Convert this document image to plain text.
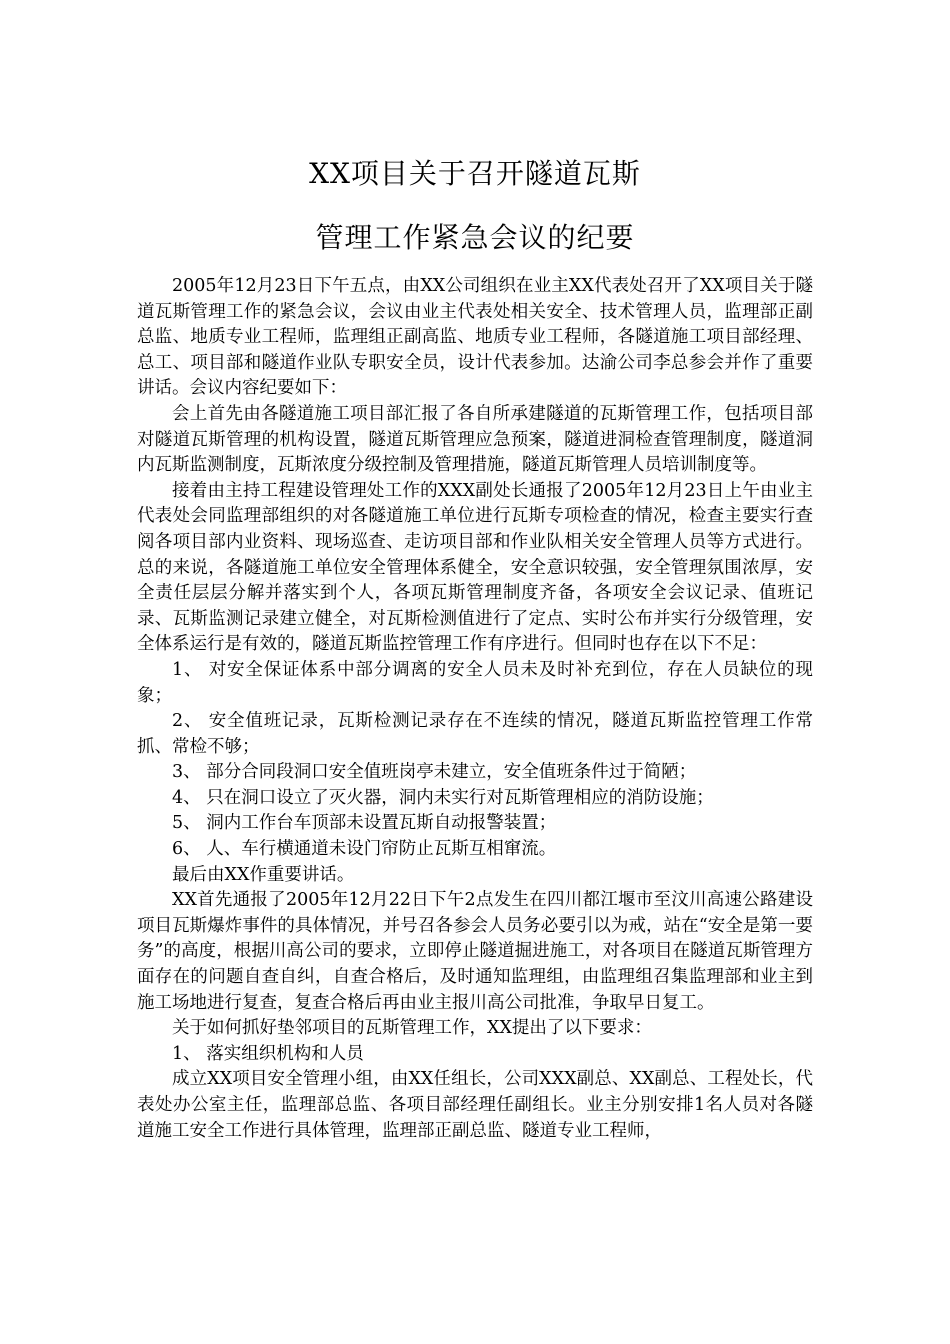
XX项目关于召开隧道瓦斯
管理工作紧急会议的纪要

2005年12月23日下午五点，由XX公司组织在业主XX代表处召开了XX项目关于隧道瓦斯管理工作的紧急会议，会议由业主代表处相关安全、技术管理人员，监理部正副总监、地质专业工程师，监理组正副高监、地质专业工程师，各隧道施工项目部经理、总工、项目部和隧道作业队专职安全员，设计代表参加。达渝公司李总参会并作了重要讲话。会议内容纪要如下：

会上首先由各隧道施工项目部汇报了各自所承建隧道的瓦斯管理工作，包括项目部对隧道瓦斯管理的机构设置，隧道瓦斯管理应急预案，隧道进洞检查管理制度，隧道洞内瓦斯监测制度，瓦斯浓度分级控制及管理措施，隧道瓦斯管理人员培训制度等。

接着由主持工程建设管理处工作的XXX副处长通报了2005年12月23日上午由业主代表处会同监理部组织的对各隧道施工单位进行瓦斯专项检查的情况，检查主要实行查阅各项目部内业资料、现场巡查、走访项目部和作业队相关安全管理人员等方式进行。总的来说，各隧道施工单位安全管理体系健全，安全意识较强，安全管理氛围浓厚，安全责任层层分解并落实到个人，各项瓦斯管理制度齐备，各项安全会议记录、值班记录、瓦斯监测记录建立健全，对瓦斯检测值进行了定点、实时公布并实行分级管理，安全体系运行是有效的，隧道瓦斯监控管理工作有序进行。但同时也存在以下不足：

1、 对安全保证体系中部分调离的安全人员未及时补充到位，存在人员缺位的现象；

2、 安全值班记录，瓦斯检测记录存在不连续的情况，隧道瓦斯监控管理工作常抓、常检不够；

3、 部分合同段洞口安全值班岗亭未建立，安全值班条件过于简陋；

4、 只在洞口设立了灭火器，洞内未实行对瓦斯管理相应的消防设施；

5、 洞内工作台车顶部未设置瓦斯自动报警装置；

6、 人、车行横通道未设门帘防止瓦斯互相窜流。

最后由XX作重要讲话。

XX首先通报了2005年12月22日下午2点发生在四川都江堰市至汶川高速公路建设项目瓦斯爆炸事件的具体情况，并号召各参会人员务必要引以为戒，站在“安全是第一要务”的高度，根据川高公司的要求，立即停止隧道掘进施工，对各项目在隧道瓦斯管理方面存在的问题自查自纠，自查合格后，及时通知监理组，由监理组召集监理部和业主到施工场地进行复查，复查合格后再由业主报川高公司批准，争取早日复工。

关于如何抓好垫邻项目的瓦斯管理工作，XX提出了以下要求：

1、 落实组织机构和人员

成立XX项目安全管理小组，由XX任组长，公司XXX副总、XX副总、工程处长，代表处办公室主任，监理部总监、各项目部经理任副组长。业主分别安排1名人员对各隧道施工安全工作进行具体管理，监理部正副总监、隧道专业工程师，
